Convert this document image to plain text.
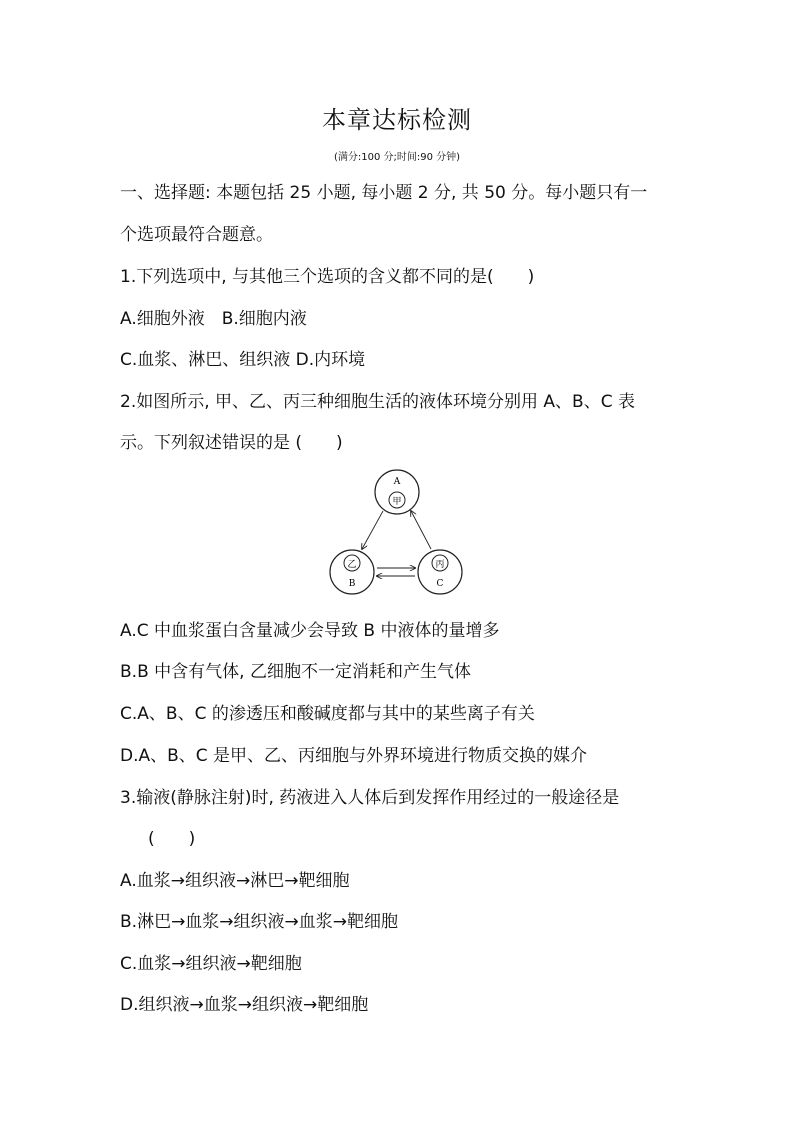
本章达标检测
(满分:100 分;时间:90 分钟)
一、选择题: 本题包括 25 小题, 每小题 2 分, 共 50 分。每小题只有一
个选项最符合题意。
1.下列选项中, 与其他三个选项的含义都不同的是(　　)
A.细胞外液　B.细胞内液
C.血浆、淋巴、组织液 D.内环境
2.如图所示, 甲、乙、丙三种细胞生活的液体环境分别用 A、B、C 表
示。下列叙述错误的是 (　　)
A
甲
乙
B
丙
C
A.C 中血浆蛋白含量减少会导致 B 中液体的量增多
B.B 中含有气体, 乙细胞不一定消耗和产生气体
C.A、B、C 的渗透压和酸碱度都与其中的某些离子有关
D.A、B、C 是甲、乙、丙细胞与外界环境进行物质交换的媒介
3.输液(静脉注射)时, 药液进入人体后到发挥作用经过的一般途径是
(　　)
A.血浆→组织液→淋巴→靶细胞
B.淋巴→血浆→组织液→血浆→靶细胞
C.血浆→组织液→靶细胞
D.组织液→血浆→组织液→靶细胞
